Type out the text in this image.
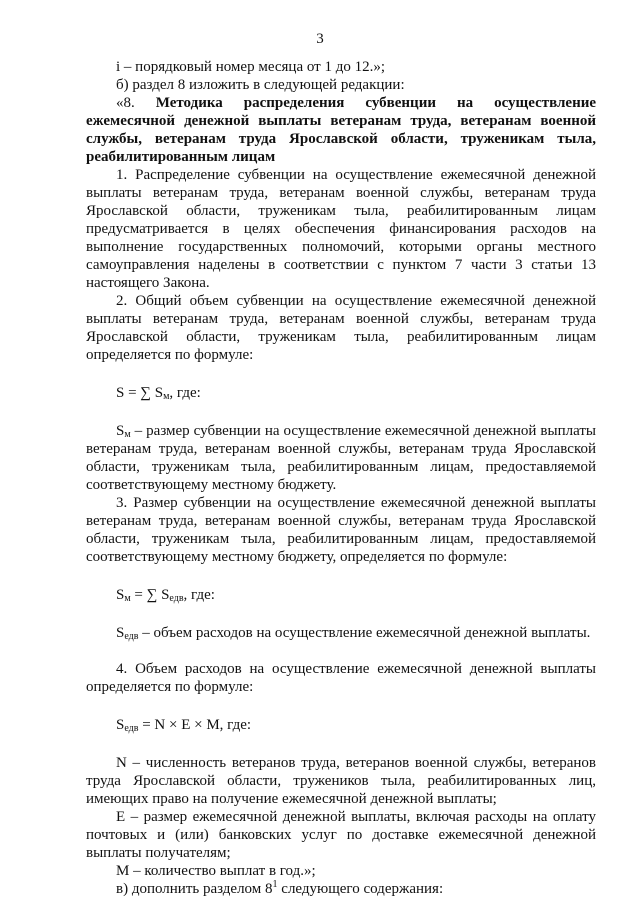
3

i – порядковый номер месяца от 1 до 12.»;

б) раздел 8 изложить в следующей редакции:

«8. Методика распределения субвенции на осуществление ежемесячной денежной выплаты ветеранам труда, ветеранам военной службы, ветеранам труда Ярославской области, труженикам тыла, реабилитированным лицам

1. Распределение субвенции на осуществление ежемесячной денежной выплаты ветеранам труда, ветеранам военной службы, ветеранам труда Ярославской области, труженикам тыла, реабилитированным лицам предусматривается в целях обеспечения финансирования расходов на выполнение государственных полномочий, которыми органы местного самоуправления наделены в соответствии с пунктом 7 части 3 статьи 13 настоящего Закона.

2. Общий объем субвенции на осуществление ежемесячной денежной выплаты ветеранам труда, ветеранам военной службы, ветеранам труда Ярославской области, труженикам тыла, реабилитированным лицам определяется по формуле:

S = ∑ $S_м$, где:

$S_м$ – размер субвенции на осуществление ежемесячной денежной выплаты ветеранам труда, ветеранам военной службы, ветеранам труда Ярославской области, труженикам тыла, реабилитированным лицам, предоставляемой соответствующему местному бюджету.

3. Размер субвенции на осуществление ежемесячной денежной выплаты ветеранам труда, ветеранам военной службы, ветеранам труда Ярославской области, труженикам тыла, реабилитированным лицам, предоставляемой соответствующему местному бюджету, определяется по формуле:

$S_м$ = ∑ $S_{едв}$, где:

$S_{едв}$ – объем расходов на осуществление ежемесячной денежной выплаты.

4. Объем расходов на осуществление ежемесячной денежной выплаты определяется по формуле:

$S_{едв} = N \times E \times M$, где:

N – численность ветеранов труда, ветеранов военной службы, ветеранов труда Ярославской области, тружеников тыла, реабилитированных лиц, имеющих право на получение ежемесячной денежной выплаты;

E – размер ежемесячной денежной выплаты, включая расходы на оплату почтовых и (или) банковских услуг по доставке ежемесячной денежной выплаты получателям;

M – количество выплат в год.»;

в) дополнить разделом $8^1$ следующего содержания:
